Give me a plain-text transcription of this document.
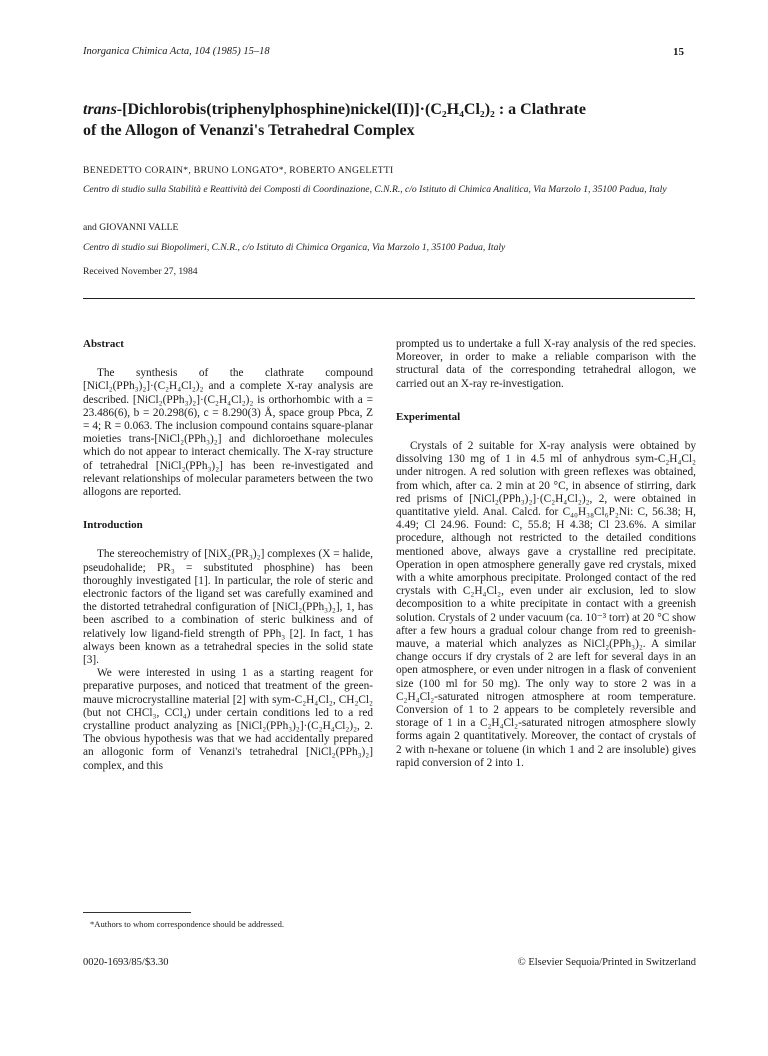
Inorganica Chimica Acta, 104 (1985) 15–18	15
trans-[Dichlorobis(triphenylphosphine)nickel(II)]·(C₂H₄Cl₂)₂ : a Clathrate
of the Allogon of Venanzi's Tetrahedral Complex
BENEDETTO CORAIN*, BRUNO LONGATO*, ROBERTO ANGELETTI
Centro di studio sulla Stabilità e Reattività dei Composti di Coordinazione, C.N.R., c/o Istituto di Chimica Analitica, Via Marzolo 1, 35100 Padua, Italy
and GIOVANNI VALLE
Centro di studio sui Biopolimeri, C.N.R., c/o Istituto di Chimica Organica, Via Marzolo 1, 35100 Padua, Italy
Received November 27, 1984
Abstract

The synthesis of the clathrate compound [NiCl₂(PPh₃)₂]·(C₂H₄Cl₂)₂ and a complete X-ray analysis are described. [NiCl₂(PPh₃)₂]·(C₂H₄Cl₂)₂ is orthorhombic with a = 23.486(6), b = 20.298(6), c = 8.290(3) Å, space group Pbca, Z = 4; R = 0.063. The inclusion compound contains square-planar moieties trans-[NiCl₂(PPh₃)₂] and dichloroethane molecules which do not appear to interact chemically. The X-ray structure of tetrahedral [NiCl₂(PPh₃)₂] has been re-investigated and relevant relationships of molecular parameters between the two allogons are reported.

Introduction

The stereochemistry of [NiX₂(PR₃)₂] complexes (X = halide, pseudohalide; PR₃ = substituted phosphine) has been thoroughly investigated [1]. In particular, the role of steric and electronic factors of the ligand set was carefully examined and the distorted tetrahedral configuration of [NiCl₂(PPh₃)₂], 1, has been ascribed to a combination of steric bulkiness and of relatively low ligand-field strength of PPh₃ [2]. In fact, 1 has always been known as a tetrahedral species in the solid state [3].

We were interested in using 1 as a starting reagent for preparative purposes, and noticed that treatment of the green-mauve microcrystalline material [2] with sym-C₂H₄Cl₂, CH₂Cl₂ (but not CHCl₃, CCl₄) under certain conditions led to a red crystalline product analyzing as [NiCl₂(PPh₃)₂]·(C₂H₄Cl₂)₂, 2. The obvious hypothesis was that we had accidentally prepared an allogonic form of Venanzi's tetrahedral [NiCl₂(PPh₃)₂] complex, and this

prompted us to undertake a full X-ray analysis of the red species. Moreover, in order to make a reliable comparison with the structural data of the corresponding tetrahedral allogon, we carried out an X-ray re-investigation.

Experimental

Crystals of 2 suitable for X-ray analysis were obtained by dissolving 130 mg of 1 in 4.5 ml of anhydrous sym-C₂H₄Cl₂ under nitrogen. A red solution with green reflexes was obtained, from which, after ca. 2 min at 20 °C, in absence of stirring, dark red prisms of [NiCl₂(PPh₃)₂]·(C₂H₄Cl₂)₂, 2, were obtained in quantitative yield. Anal. Calcd. for C₄₀H₃₈Cl₆P₂Ni: C, 56.38; H, 4.49; Cl 24.96. Found: C, 55.8; H 4.38; Cl 23.6%. A similar procedure, although not restricted to the detailed conditions mentioned above, always gave a crystalline red precipitate. Operation in open atmosphere generally gave red crystals, mixed with a white amorphous precipitate. Prolonged contact of the red crystals with C₂H₄Cl₂, even under air exclusion, led to slow decomposition to a white precipitate in contact with a greenish solution. Crystals of 2 under vacuum (ca. 10⁻³ torr) at 20 °C show after a few hours a gradual colour change from red to greenish-mauve, a material which analyzes as NiCl₂(PPh₃)₂. A similar change occurs if dry crystals of 2 are left for several days in an open atmosphere, or even under nitrogen in a flask of convenient size (100 ml for 50 mg). The only way to store 2 was in a C₂H₄Cl₂-saturated nitrogen atmosphere at room temperature. Conversion of 1 to 2 appears to be completely reversible and storage of 1 in a C₂H₄Cl₂-saturated nitrogen atmosphere slowly forms again 2 quantitatively. Moreover, the contact of crystals of 2 with n-hexane or toluene (in which 1 and 2 are insoluble) gives rapid conversion of 2 into 1.

*Authors to whom correspondence should be addressed.
0020-1693/85/$3.30	© Elsevier Sequoia/Printed in Switzerland
